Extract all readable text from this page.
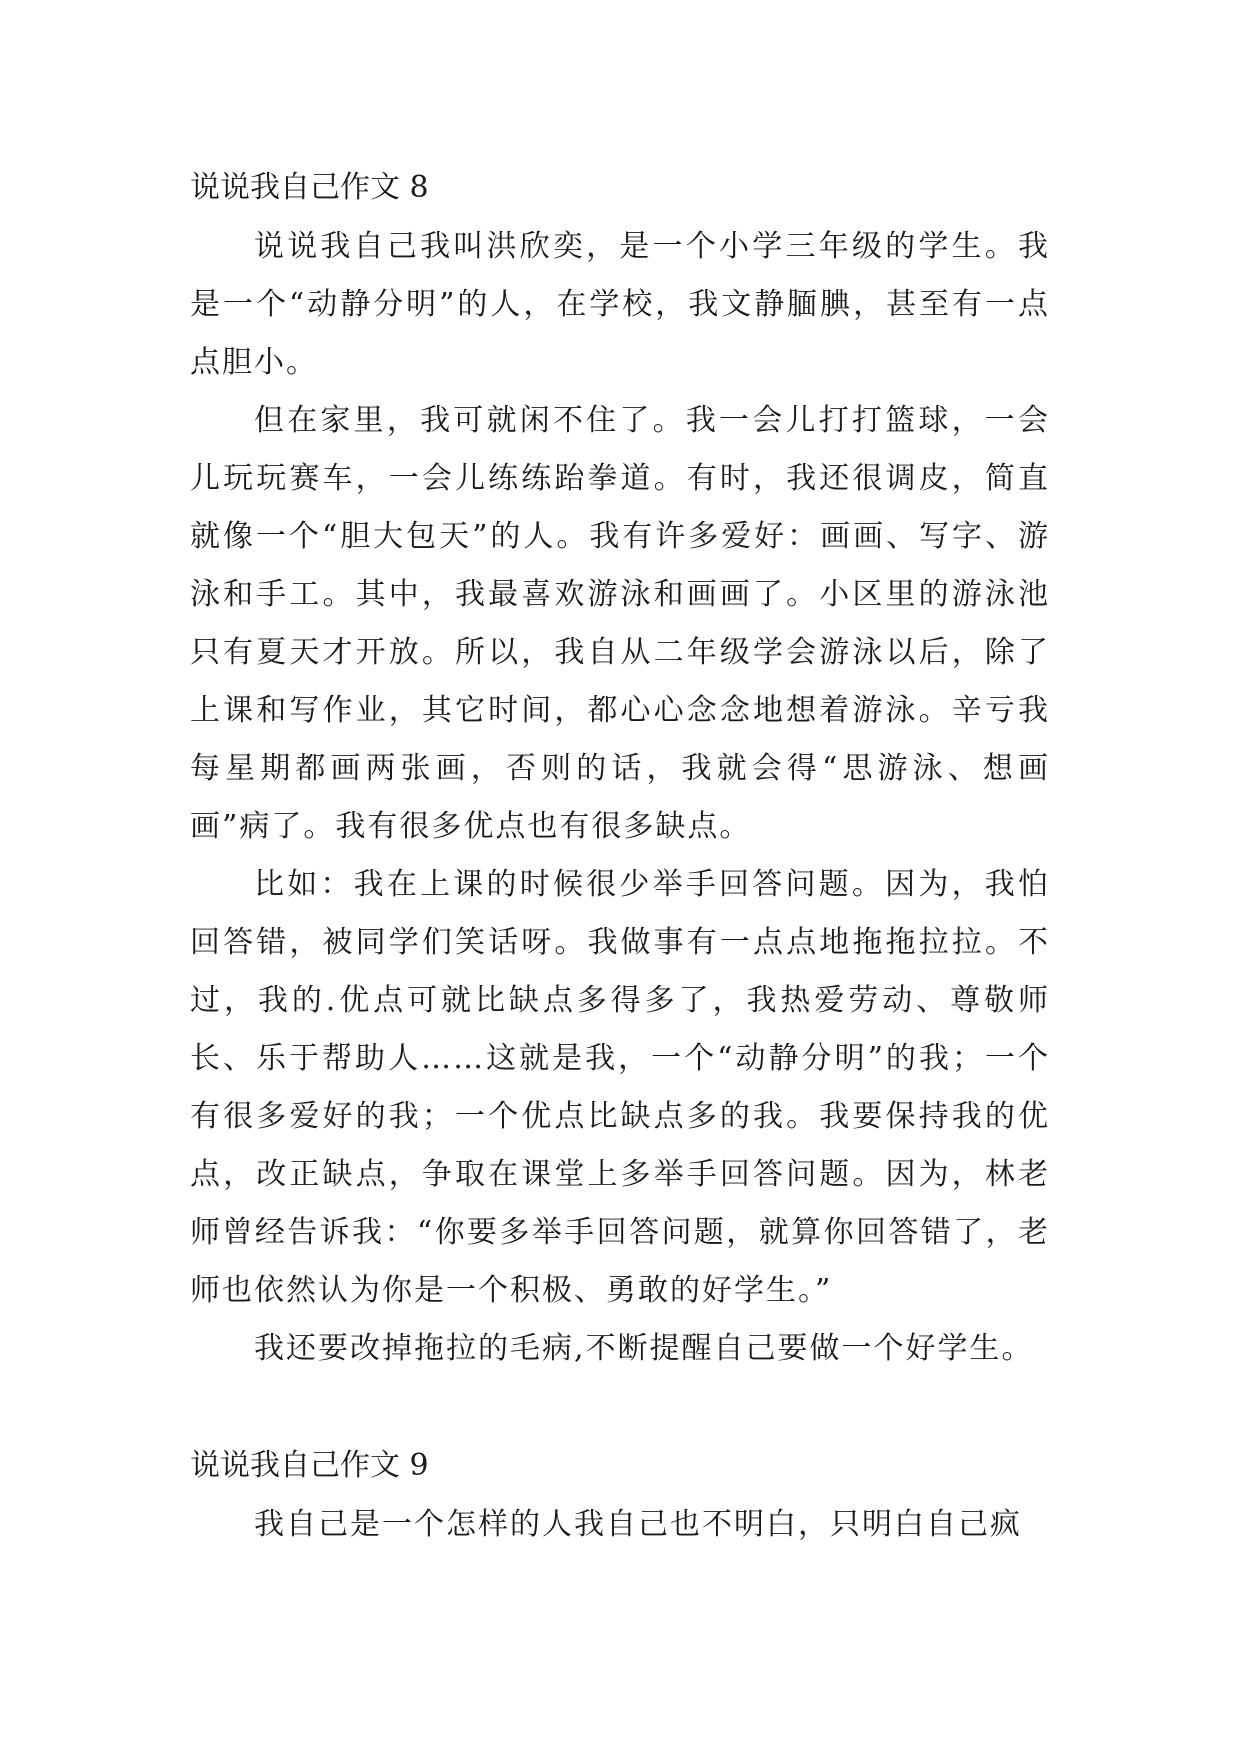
说说我自己作文 8

说说我自己我叫洪欣奕，是一个小学三年级的学生。我是一个“动静分明”的人，在学校，我文静腼腆，甚至有一点点胆小。

但在家里，我可就闲不住了。我一会儿打打篮球，一会儿玩玩赛车，一会儿练练跆拳道。有时，我还很调皮，简直就像一个“胆大包天”的人。我有许多爱好：画画、写字、游泳和手工。其中，我最喜欢游泳和画画了。小区里的游泳池只有夏天才开放。所以，我自从二年级学会游泳以后，除了上课和写作业，其它时间，都心心念念地想着游泳。辛亏我每星期都画两张画，否则的话，我就会得“思游泳、想画画”病了。我有很多优点也有很多缺点。

比如：我在上课的时候很少举手回答问题。因为，我怕回答错，被同学们笑话呀。我做事有一点点地拖拖拉拉。不过，我的.优点可就比缺点多得多了，我热爱劳动、尊敬师长、乐于帮助人……这就是我，一个“动静分明”的我；一个有很多爱好的我；一个优点比缺点多的我。我要保持我的优点，改正缺点，争取在课堂上多举手回答问题。因为，林老师曾经告诉我：“你要多举手回答问题，就算你回答错了，老师也依然认为你是一个积极、勇敢的好学生。”

我还要改掉拖拉的毛病,不断提醒自己要做一个好学生。

说说我自己作文 9

我自己是一个怎样的人我自己也不明白，只明白自己疯
